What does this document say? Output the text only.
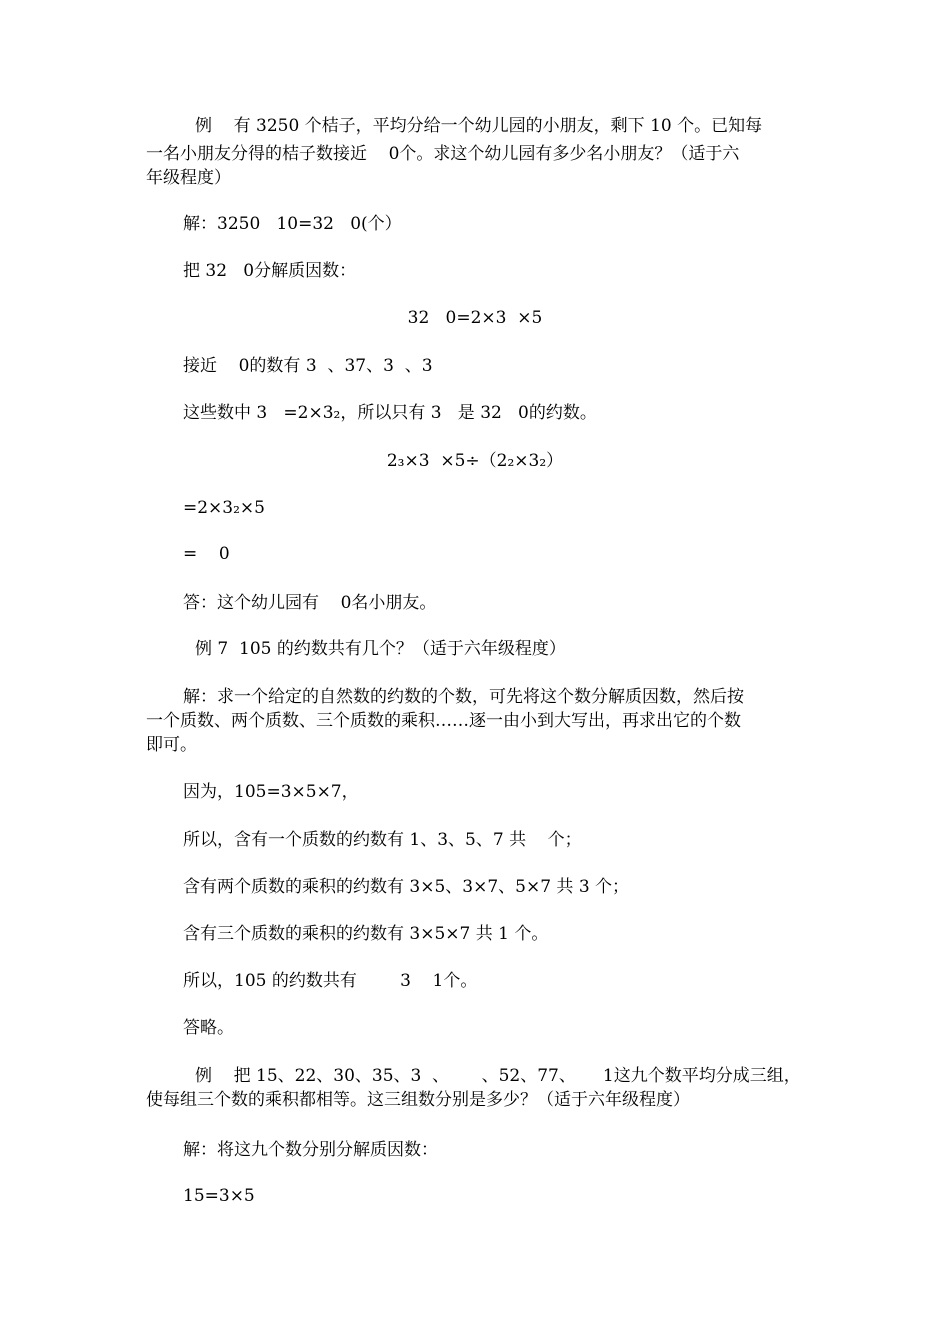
例    有 3250 个桔子，平均分给一个幼儿园的小朋友，剩下 10 个。已知每
一名小朋友分得的桔子数接近    0个。求这个幼儿园有多少名小朋友？（适于六
年级程度）
解：3250   10=32   0(个）
把 32   0分解质因数：
32   0=2×3  ×5
接近    0的数有 3  、37、3  、3
这些数中 3   =2×3₂，所以只有 3   是 32   0的约数。
2₃×3  ×5÷（2₂×3₂）
=2×3₂×5
=    0
答：这个幼儿园有    0名小朋友。
例 7  105 的约数共有几个？（适于六年级程度）
解：求一个给定的自然数的约数的个数，可先将这个数分解质因数，然后按
一个质数、两个质数、三个质数的乘积……逐一由小到大写出，再求出它的个数
即可。
因为，105=3×5×7，
所以，含有一个质数的约数有 1、3、5、7 共    个；
含有两个质数的乘积的约数有 3×5、3×7、5×7 共 3 个；
含有三个质数的乘积的约数有 3×5×7 共 1 个。
所以，105 的约数共有        3    1个。
答略。
例    把 15、22、30、35、3  、      、52、77、     1这九个数平均分成三组，
使每组三个数的乘积都相等。这三组数分别是多少？（适于六年级程度）
解：将这九个数分别分解质因数：
15=3×5
